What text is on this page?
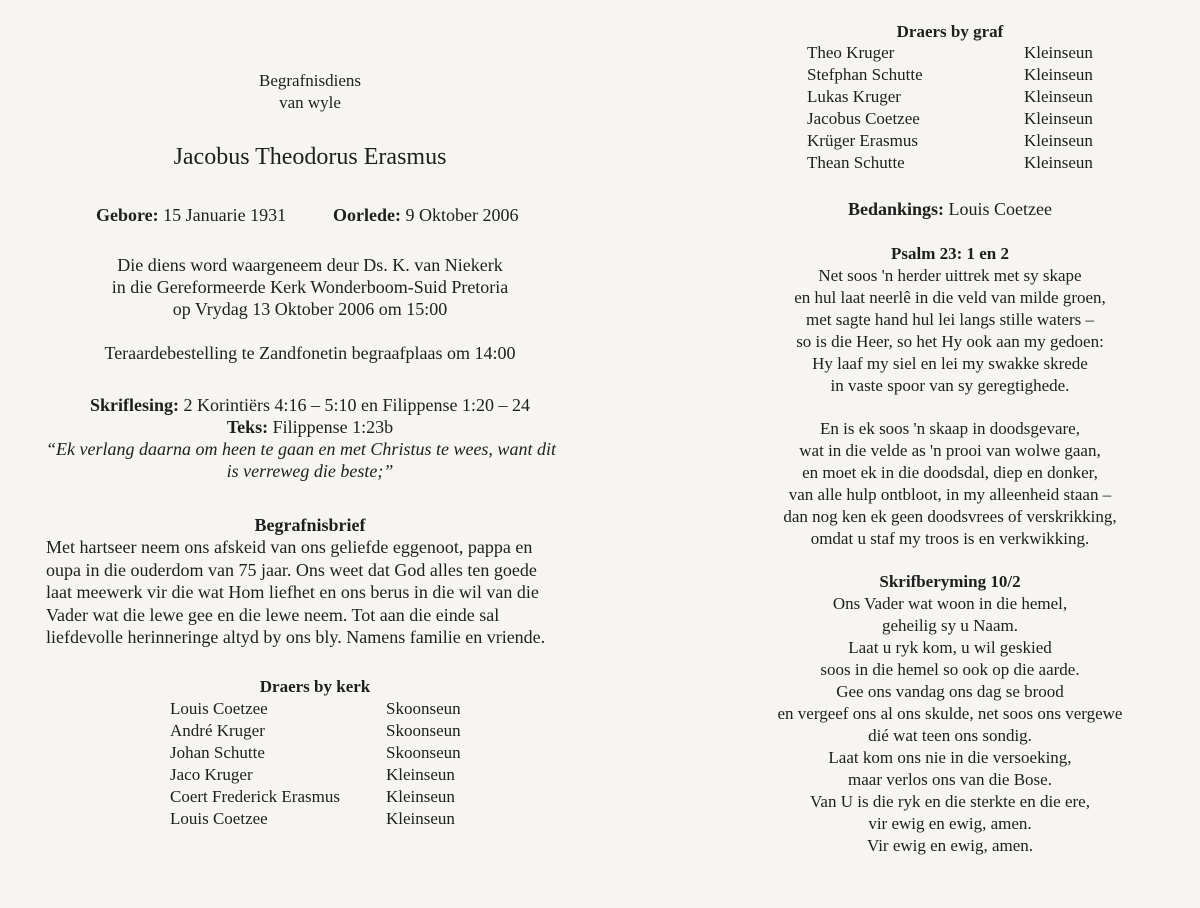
Begrafnisdiens
van wyle
Jacobus Theodorus Erasmus
Gebore: 15 Januarie 1931	Oorlede: 9 Oktober 2006
Die diens word waargeneem deur Ds. K. van Niekerk
in die Gereformeerde Kerk Wonderboom-Suid Pretoria
op Vrydag 13 Oktober 2006 om 15:00
Teraardebestelling te Zandfonetin begraafplaas om 14:00
Skriflesing: 2 Korintiërs 4:16 – 5:10 en Filippense 1:20 – 24
Teks: Filippense 1:23b
“Ek verlang daarna om heen te gaan en met Christus te wees, want dit
is verreweg die beste;”
Begrafnisbrief
Met hartseer neem ons afskeid van ons geliefde eggenoot, pappa en
oupa in die ouderdom van 75 jaar. Ons weet dat God alles ten goede
laat meewerk vir die wat Hom liefhet en ons berus in die wil van die
Vader wat die lewe gee en die lewe neem. Tot aan die einde sal
liefdevolle herinneringe altyd by ons bly. Namens familie en vriende.
Draers by kerk
Louis Coetzee	Skoonseun
André Kruger	Skoonseun
Johan Schutte	Skoonseun
Jaco Kruger	Kleinseun
Coert Frederick Erasmus	Kleinseun
Louis Coetzee	Kleinseun
Draers by graf
Theo Kruger	Kleinseun
Stefphan Schutte	Kleinseun
Lukas Kruger	Kleinseun
Jacobus Coetzee	Kleinseun
Krüger Erasmus	Kleinseun
Thean Schutte	Kleinseun
Bedankings: Louis Coetzee
Psalm 23: 1 en 2
Net soos 'n herder uittrek met sy skape
en hul laat neerlê in die veld van milde groen,
met sagte hand hul lei langs stille waters –
so is die Heer, so het Hy ook aan my gedoen:
Hy laaf my siel en lei my swakke skrede
in vaste spoor van sy geregtighede.
En is ek soos 'n skaap in doodsgevare,
wat in die velde as 'n prooi van wolwe gaan,
en moet ek in die doodsdal, diep en donker,
van alle hulp ontbloot, in my alleenheid staan –
dan nog ken ek geen doodsvrees of verskrikking,
omdat u staf my troos is en verkwikking.
Skrifberyming 10/2
Ons Vader wat woon in die hemel,
geheilig sy u Naam.
Laat u ryk kom, u wil geskied
soos in die hemel so ook op die aarde.
Gee ons vandag ons dag se brood
en vergeef ons al ons skulde, net soos ons vergewe
dié wat teen ons sondig.
Laat kom ons nie in die versoeking,
maar verlos ons van die Bose.
Van U is die ryk en die sterkte en die ere,
vir ewig en ewig, amen.
Vir ewig en ewig, amen.
